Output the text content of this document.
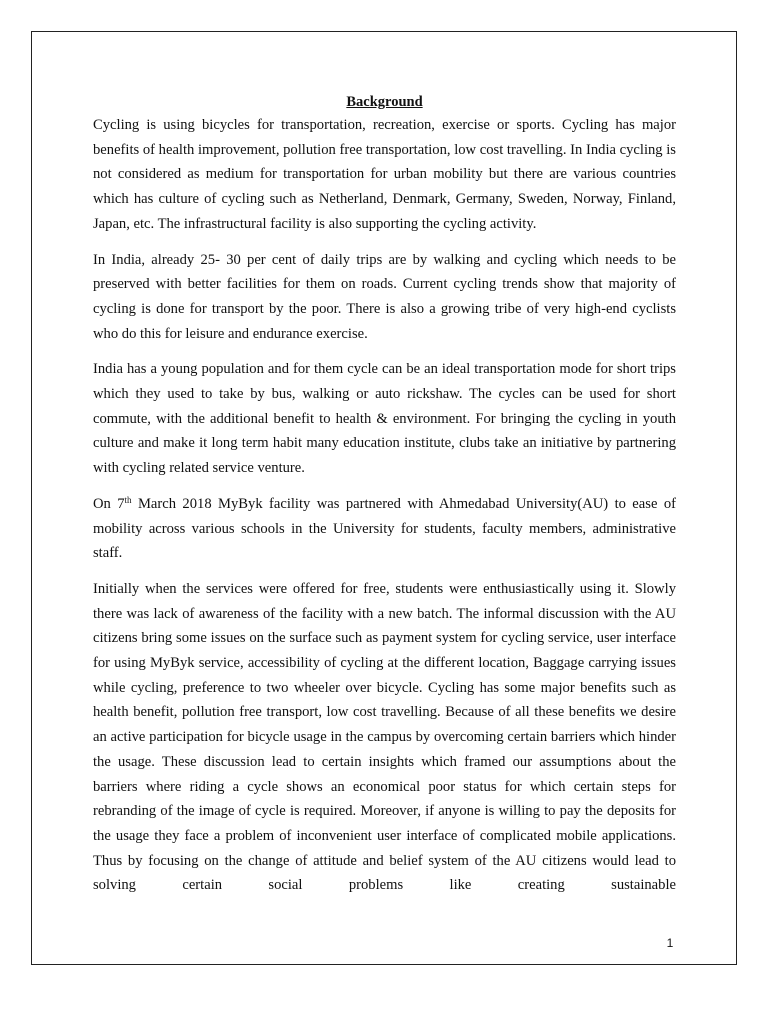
Background

Cycling is using bicycles for transportation, recreation, exercise or sports. Cycling has major benefits of health improvement, pollution free transportation, low cost travelling. In India cycling is not considered as medium for transportation for urban mobility but there are various countries which has culture of cycling such as Netherland, Denmark, Germany, Sweden, Norway, Finland, Japan, etc. The infrastructural facility is also supporting the cycling activity.

In India, already 25- 30 per cent of daily trips are by walking and cycling which needs to be preserved with better facilities for them on roads. Current cycling trends show that majority of cycling is done for transport by the poor. There is also a growing tribe of very high-end cyclists who do this for leisure and endurance exercise.

India has a young population and for them cycle can be an ideal transportation mode for short trips which they used to take by bus, walking or auto rickshaw. The cycles can be used for short commute, with the additional benefit to health & environment. For bringing the cycling in youth culture and make it long term habit many education institute, clubs take an initiative by partnering with cycling related service venture.

On 7th March 2018 MyByk facility was partnered with Ahmedabad University(AU) to ease of mobility across various schools in the University for students, faculty members, administrative staff.

Initially when the services were offered for free, students were enthusiastically using it. Slowly there was lack of awareness of the facility with a new batch. The informal discussion with the AU citizens bring some issues on the surface such as payment system for cycling service, user interface for using MyByk service, accessibility of cycling at the different location, Baggage carrying issues while cycling, preference to two wheeler over bicycle. Cycling has some major benefits such as health benefit, pollution free transport, low cost travelling. Because of all these benefits we desire an active participation for bicycle usage in the campus by overcoming certain barriers which hinder the usage. These discussion lead to certain insights which framed our assumptions about the barriers where riding a cycle shows an economical poor status for which certain steps for rebranding of the image of cycle is required. Moreover, if anyone is willing to pay the deposits for the usage they face a problem of inconvenient user interface of complicated mobile applications. Thus by focusing on the change of attitude and belief system of the AU citizens would lead to solving certain social problems like creating sustainable

1
